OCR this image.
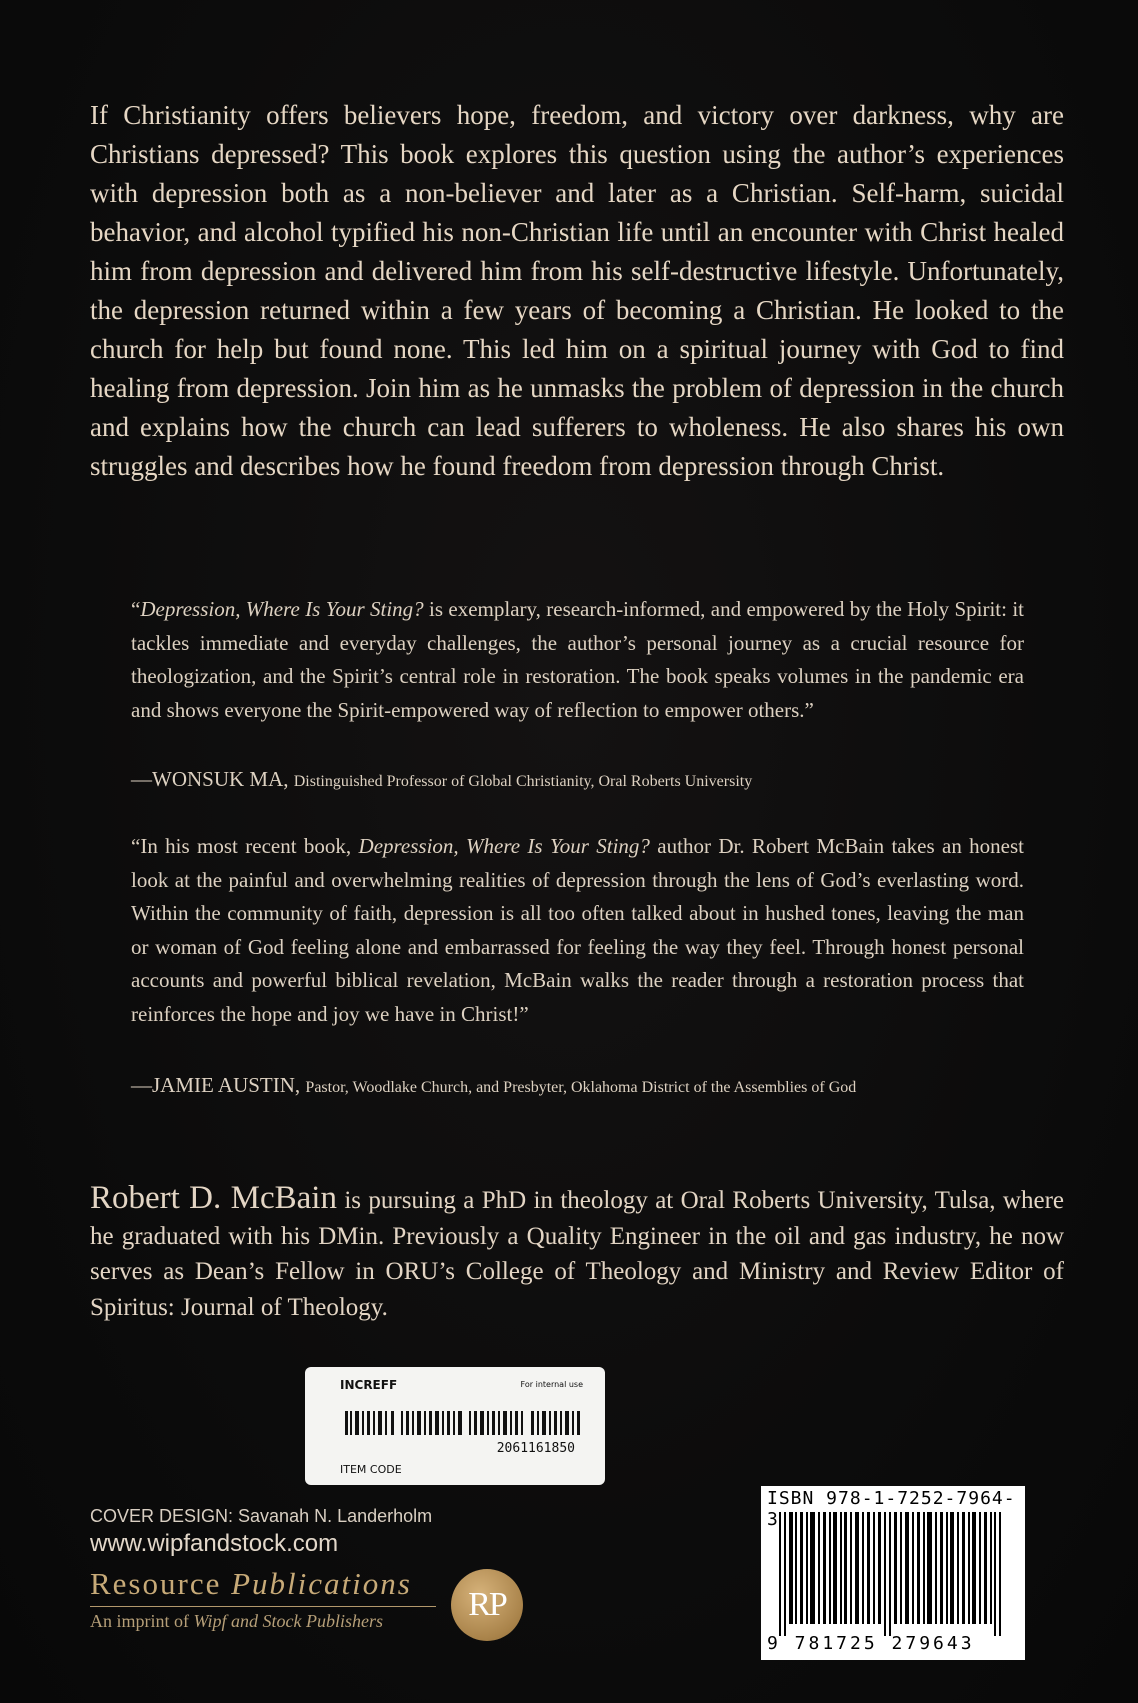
If Christianity offers believers hope, freedom, and victory over darkness, why are Christians depressed? This book explores this question using the author’s experiences with depression both as a non-believer and later as a Christian. Self-harm, suicidal behavior, and alcohol typified his non-Christian life until an encounter with Christ healed him from depression and delivered him from his self-destructive lifestyle. Unfortunately, the depression returned within a few years of becoming a Christian. He looked to the church for help but found none. This led him on a spiritual journey with God to find healing from depression. Join him as he unmasks the problem of depression in the church and explains how the church can lead sufferers to wholeness. He also shares his own struggles and describes how he found freedom from depression through Christ.

“Depression, Where Is Your Sting? is exemplary, research-informed, and empowered by the Holy Spirit: it tackles immediate and everyday challenges, the author’s personal journey as a crucial resource for theologization, and the Spirit’s central role in restoration. The book speaks volumes in the pandemic era and shows everyone the Spirit-empowered way of reflection to empower others.”
—WONSUK MA, Distinguished Professor of Global Christianity, Oral Roberts University
“In his most recent book, Depression, Where Is Your Sting? author Dr. Robert McBain takes an honest look at the painful and overwhelming realities of depression through the lens of God’s everlasting word. Within the community of faith, depression is all too often talked about in hushed tones, leaving the man or woman of God feeling alone and embarrassed for feeling the way they feel. Through honest personal accounts and powerful biblical revelation, McBain walks the reader through a restoration process that reinforces the hope and joy we have in Christ!”
—JAMIE AUSTIN, Pastor, Woodlake Church, and Presbyter, Oklahoma District of the Assemblies of God

Robert D. McBain is pursuing a PhD in theology at Oral Roberts University, Tulsa, where he graduated with his DMin. Previously a Quality Engineer in the oil and gas industry, he now serves as Dean’s Fellow in ORU’s College of Theology and Ministry and Review Editor of Spiritus: Journal of Theology.

INCREFF	For internal use
2061161850
ITEM CODE
COVER DESIGN: Savanah N. Landerholm
www.wipfandstock.com
Resource Publications
An imprint of Wipf and Stock Publishers	RP
ISBN 978-1-7252-7964-3
9 781725 279643
